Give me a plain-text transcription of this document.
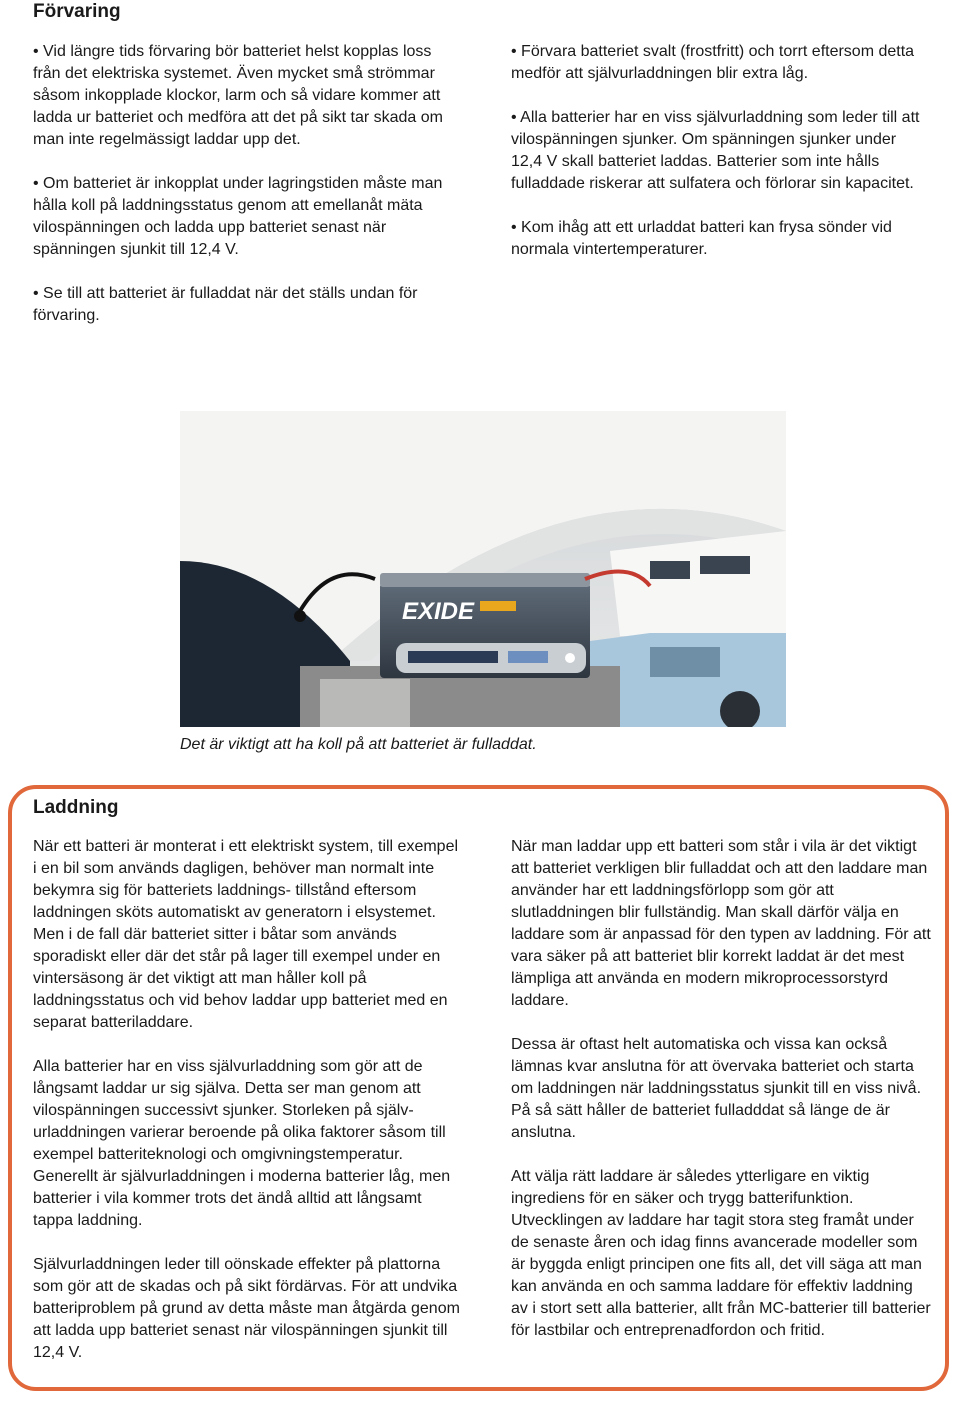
Förvaring

• Vid längre tids förvaring bör batteriet helst kopplas loss från det elektriska systemet. Även mycket små strömmar såsom inkopplade klockor, larm och så vidare kommer att ladda ur batteriet och medföra att det på sikt tar skada om man inte regelmässigt laddar upp det.

• Om batteriet är inkopplat under lagringstiden måste man hålla koll på laddningsstatus genom att emellanåt mäta vilospänningen och ladda upp batteriet senast när spänningen sjunkit till 12,4 V.

• Se till att batteriet är fulladdat när det ställs undan för förvaring.

• Förvara batteriet svalt (frostfritt) och torrt eftersom detta medför att självurladdningen blir extra låg.

• Alla batterier har en viss självurladdning som leder till att vilospänningen sjunker. Om spänningen sjunker under 12,4 V skall batteriet laddas. Batterier som inte hålls fulladdade riskerar att sulfatera och förlorar sin kapacitet.

• Kom ihåg att ett urladdat batteri kan frysa sönder vid normala vintertemperaturer.

EXIDE

Det är viktigt att ha koll på att batteriet är fulladdat.

Laddning

När ett batteri är monterat i ett elektriskt system, till exempel i en bil som används dagligen, behöver man normalt inte bekymra sig för batteriets laddnings- tillstånd eftersom laddningen sköts automatiskt av generatorn i elsystemet. Men i de fall där batteriet sitter i båtar som används sporadiskt eller där det står på lager till exempel under en vintersäsong är det viktigt att man håller koll på laddningsstatus och vid behov laddar upp batteriet med en separat batteriladdare.

Alla batterier har en viss självurladdning som gör att de långsamt laddar ur sig själva. Detta ser man genom att vilospänningen successivt sjunker. Storleken på själv- urladdningen varierar beroende på olika faktorer såsom till exempel batteriteknologi och omgivningstemperatur. Generellt är självurladdningen i moderna batterier låg, men batterier i vila kommer trots det ändå alltid att långsamt tappa laddning.

Självurladdningen leder till oönskade effekter på plattorna som gör att de skadas och på sikt fördärvas. För att undvika batteriproblem på grund av detta måste man åtgärda genom att ladda upp batteriet senast när vilospänningen sjunkit till 12,4 V.

När man laddar upp ett batteri som står i vila är det viktigt att batteriet verkligen blir fulladdat och att den laddare man använder har ett laddningsförlopp som gör att slutladdningen blir fullständig. Man skall därför välja en laddare som är anpassad för den typen av laddning. För att vara säker på att batteriet blir korrekt laddat är det mest lämpliga att använda en modern mikroprocessorstyrd laddare.

Dessa är oftast helt automatiska och vissa kan också lämnas kvar anslutna för att övervaka batteriet och starta om laddningen när laddningsstatus sjunkit till en viss nivå. På så sätt håller de batteriet fulladddat så länge de är anslutna.

Att välja rätt laddare är således ytterligare en viktig ingrediens för en säker och trygg batterifunktion. Utvecklingen av laddare har tagit stora steg framåt under de senaste åren och idag finns avancerade modeller som är byggda enligt principen one fits all, det vill säga att man kan använda en och samma laddare för effektiv laddning av i stort sett alla batterier, allt från MC-batterier till batterier för lastbilar och entreprenadfordon och fritid.
